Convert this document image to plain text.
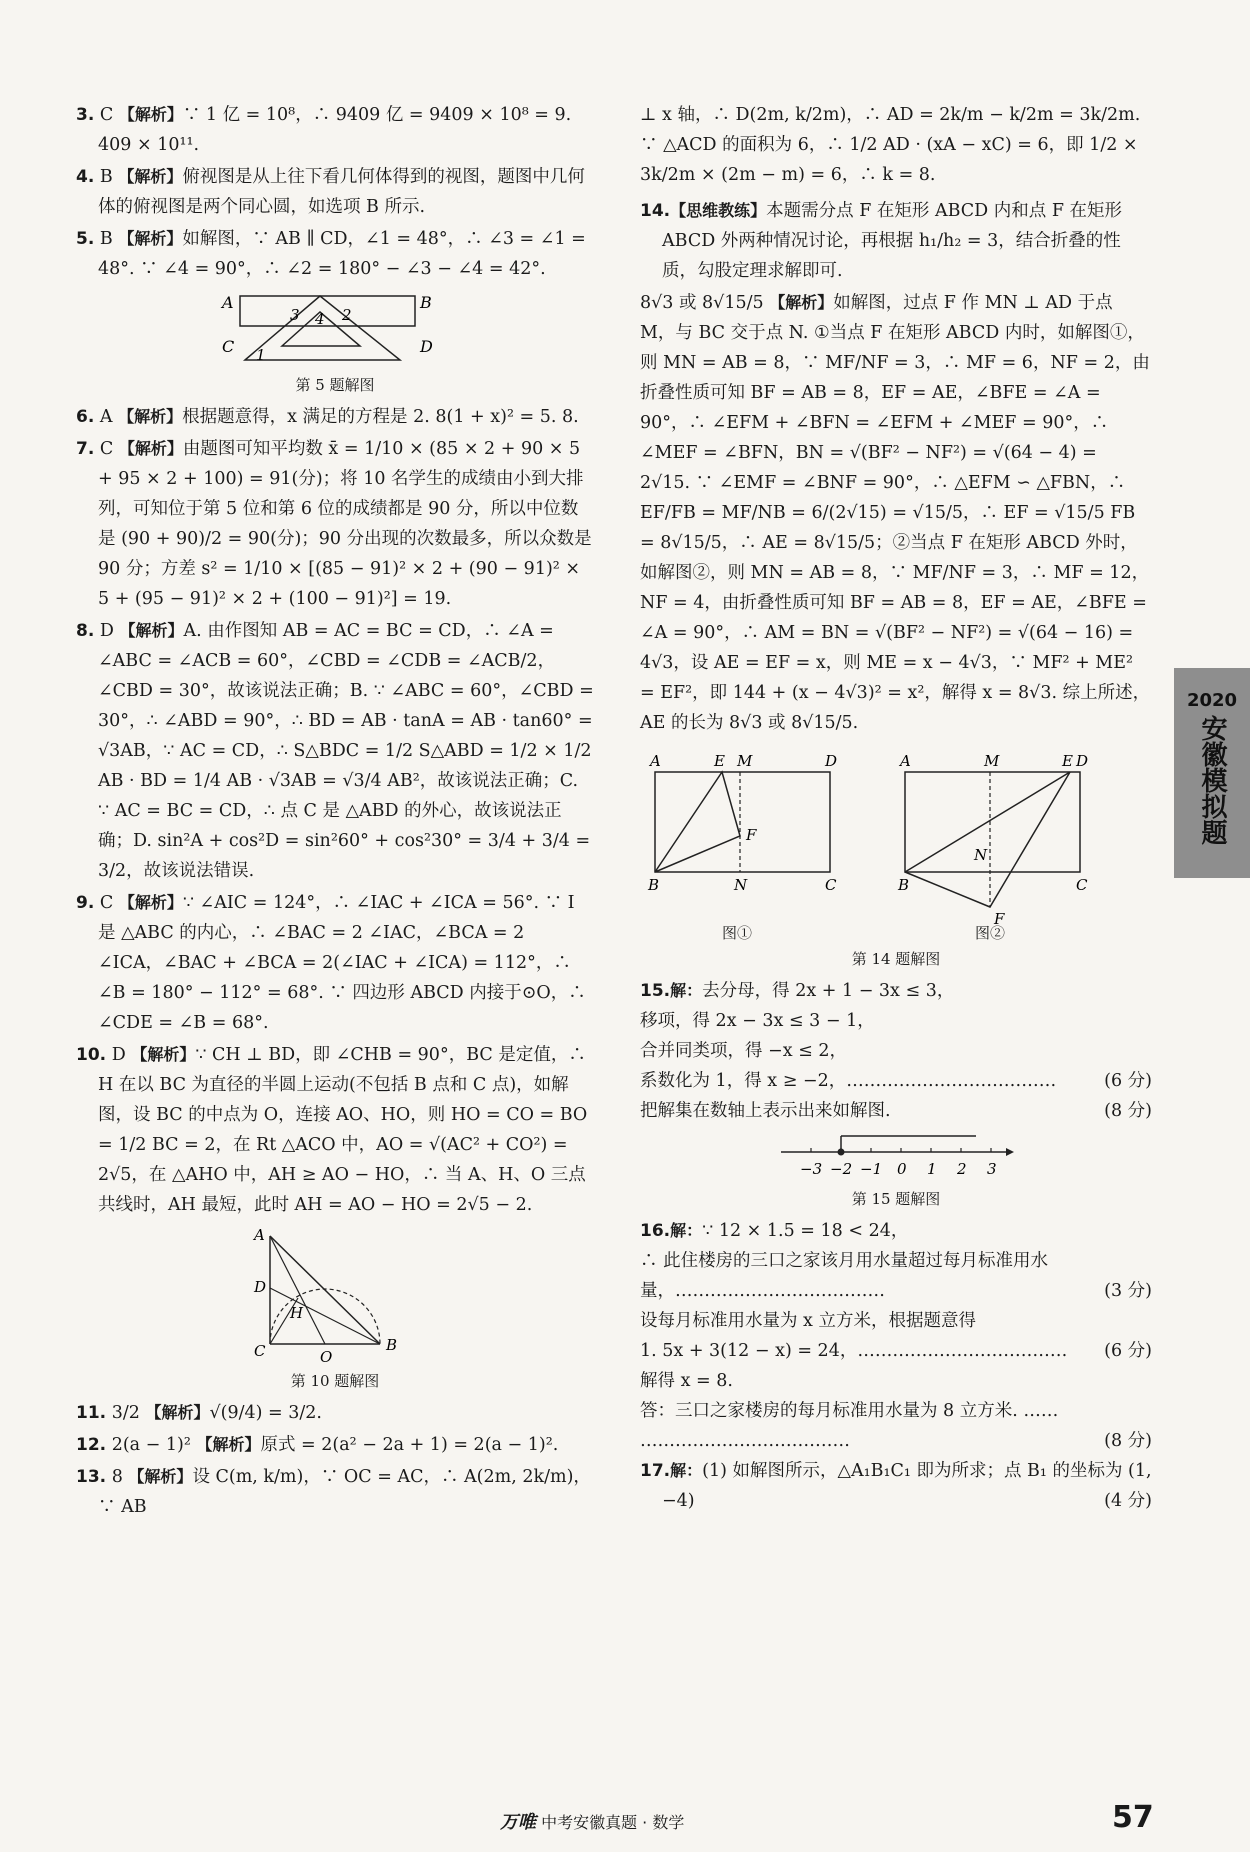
3. C 【解析】∵ 1 亿 = 10⁸，∴ 9409 亿 = 9409 × 10⁸ = 9. 409 × 10¹¹.

4. B 【解析】俯视图是从上往下看几何体得到的视图，题图中几何体的俯视图是两个同心圆，如选项 B 所示.

5. B 【解析】如解图，∵ AB ∥ CD，∠1 = 48°，∴ ∠3 = ∠1 = 48°. ∵ ∠4 = 90°，∴ ∠2 = 180° − ∠3 − ∠4 = 42°.

A	B
C	D
1
2
3 4

第 5 题解图

6. A 【解析】根据题意得，x 满足的方程是 2. 8(1 + x)² = 5. 8.

7. C 【解析】由题图可知平均数 x̄ = 1/10 × (85 × 2 + 90 × 5 + 95 × 2 + 100) = 91(分)；将 10 名学生的成绩由小到大排列，可知位于第 5 位和第 6 位的成绩都是 90 分，所以中位数是 (90 + 90)/2 = 90(分)；90 分出现的次数最多，所以众数是 90 分；方差 s² = 1/10 × [(85 − 91)² × 2 + (90 − 91)² × 5 + (95 − 91)² × 2 + (100 − 91)²] = 19.

8. D 【解析】A. 由作图知 AB = AC = BC = CD，∴ ∠A = ∠ABC = ∠ACB = 60°，∠CBD = ∠CDB = ∠ACB/2，∠CBD = 30°，故该说法正确；B. ∵ ∠ABC = 60°，∠CBD = 30°，∴ ∠ABD = 90°，∴ BD = AB · tanA = AB · tan60° = √3AB，∵ AC = CD，∴ S△BDC = 1/2 S△ABD = 1/2 × 1/2 AB · BD = 1/4 AB · √3AB = √3/4 AB²，故该说法正确；C. ∵ AC = BC = CD，∴ 点 C 是 △ABD 的外心，故该说法正确；D. sin²A + cos²D = sin²60° + cos²30° = 3/4 + 3/4 = 3/2，故该说法错误.

9. C 【解析】∵ ∠AIC = 124°，∴ ∠IAC + ∠ICA = 56°. ∵ I 是 △ABC 的内心，∴ ∠BAC = 2 ∠IAC，∠BCA = 2 ∠ICA，∠BAC + ∠BCA = 2(∠IAC + ∠ICA) = 112°，∴ ∠B = 180° − 112° = 68°. ∵ 四边形 ABCD 内接于⊙O，∴ ∠CDE = ∠B = 68°.

10. D 【解析】∵ CH ⊥ BD，即 ∠CHB = 90°，BC 是定值，∴ H 在以 BC 为直径的半圆上运动(不包括 B 点和 C 点)，如解图，设 BC 的中点为 O，连接 AO、HO，则 HO = CO = BO = 1/2 BC = 2，在 Rt △ACO 中，AO = √(AC² + CO²) = 2√5，在 △AHO 中，AH ≥ AO − HO，∴ 当 A、H、O 三点共线时，AH 最短，此时 AH = AO − HO = 2√5 − 2.

A
D
H
C	O
B

第 10 题解图

11. 3/2 【解析】√(9/4) = 3/2.

12. 2(a − 1)² 【解析】原式 = 2(a² − 2a + 1) = 2(a − 1)².

13. 8 【解析】设 C(m, k/m)，∵ OC = AC，∴ A(2m, 2k/m)，∵ AB

⊥ x 轴，∴ D(2m, k/2m)，∴ AD = 2k/m − k/2m = 3k/2m. ∵ △ACD 的面积为 6，∴ 1/2 AD · (xA − xC) = 6，即 1/2 × 3k/2m × (2m − m) = 6，∴ k = 8.

14.【思维教练】本题需分点 F 在矩形 ABCD 内和点 F 在矩形 ABCD 外两种情况讨论，再根据 h₁/h₂ = 3，结合折叠的性质，勾股定理求解即可.

8√3 或 8√15/5 【解析】如解图，过点 F 作 MN ⊥ AD 于点 M，与 BC 交于点 N. ①当点 F 在矩形 ABCD 内时，如解图①，则 MN = AB = 8，∵ MF/NF = 3，∴ MF = 6，NF = 2，由折叠性质可知 BF = AB = 8，EF = AE，∠BFE = ∠A = 90°，∴ ∠EFM + ∠BFN = ∠EFM + ∠MEF = 90°，∴ ∠MEF = ∠BFN，BN = √(BF² − NF²) = √(64 − 4) = 2√15. ∵ ∠EMF = ∠BNF = 90°，∴ △EFM ∽ △FBN，∴ EF/FB = MF/NB = 6/(2√15) = √15/5，∴ EF = √15/5 FB = 8√15/5，∴ AE = 8√15/5；②当点 F 在矩形 ABCD 外时，如解图②，则 MN = AB = 8，∵ MF/NF = 3，∴ MF = 12，NF = 4，由折叠性质可知 BF = AB = 8，EF = AE，∠BFE = ∠A = 90°，∴ AM = BN = √(BF² − NF²) = √(64 − 16) = 4√3，设 AE = EF = x，则 ME = x − 4√3，∵ MF² + ME² = EF²，即 144 + (x − 4√3)² = x²，解得 x = 8√3. 综上所述，AE 的长为 8√3 或 8√15/5.

A	E M	D
F
B	N	C
A	M	E D
N
B	C
F
图①	图②

第 14 题解图

15.解：去分母，得 2x + 1 − 3x ≤ 3，

移项，得 2x − 3x ≤ 3 − 1，

合并同类项，得 −x ≤ 2，

系数化为 1，得 x ≥ −2，………………………………	(6 分)

把解集在数轴上表示出来如解图.	(8 分)

−3 −2 −1 0 1 2 3

第 15 题解图

16.解：∵ 12 × 1.5 = 18 < 24，

∴ 此住楼房的三口之家该月用水量超过每月标准用水量，………………………………	(3 分)

设每月标准用水量为 x 立方米，根据题意得

1. 5x + 3(12 − x) = 24，……………………………… (6 分)

解得 x = 8.

答：三口之家楼房的每月标准用水量为 8 立方米. …… ………………………………	(8 分)

17.解：(1) 如解图所示，△A₁B₁C₁ 即为所求；点 B₁ 的坐标为 (1, −4)	(4 分)

2020
安徽模拟题
万唯 中考安徽真题 · 数学	57
